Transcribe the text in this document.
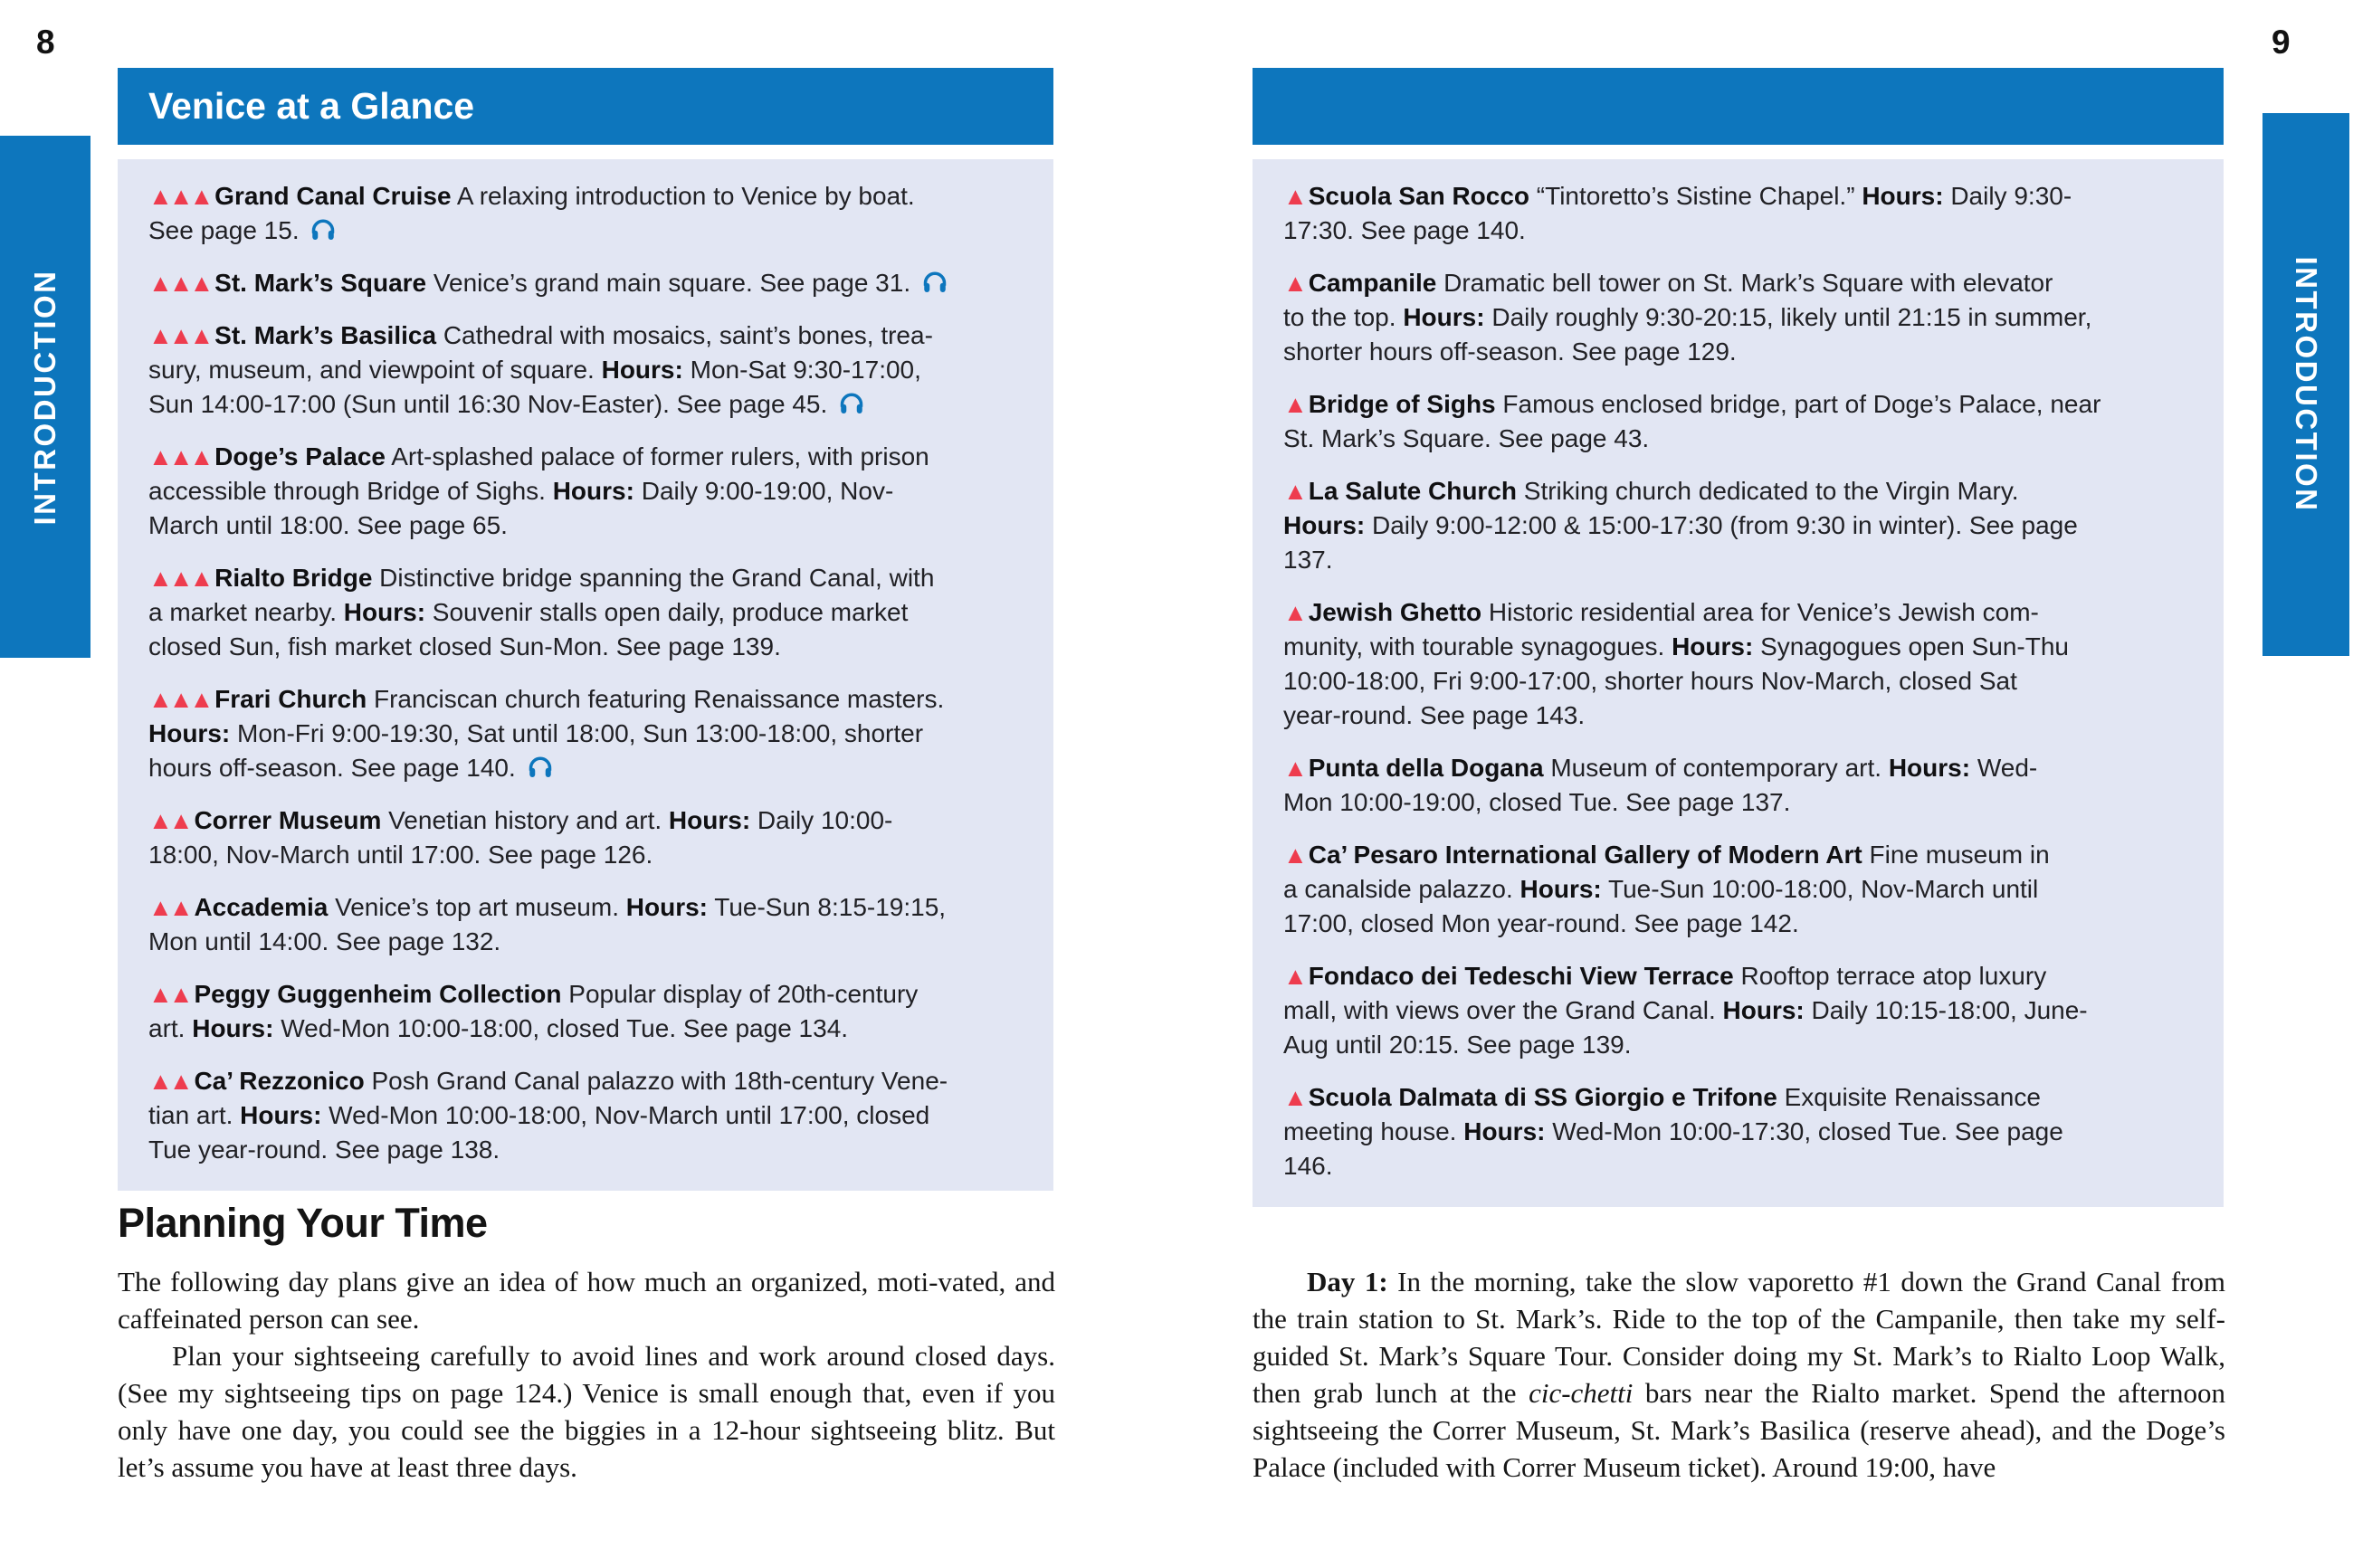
8	9
INTRODUCTION	INTRODUCTION
Venice at a Glance

▲▲▲ Grand Canal Cruise A relaxing introduction to Venice by boat.
See page 15.

▲▲▲ St. Mark’s Square Venice’s grand main square. See page 31.

▲▲▲ St. Mark’s Basilica Cathedral with mosaics, saint’s bones, trea-
sury, museum, and viewpoint of square. Hours: Mon-Sat 9:30-17:00,
Sun 14:00-17:00 (Sun until 16:30 Nov-Easter). See page 45.

▲▲▲ Doge’s Palace Art-splashed palace of former rulers, with prison
accessible through Bridge of Sighs. Hours: Daily 9:00-19:00, Nov-
March until 18:00. See page 65.

▲▲▲ Rialto Bridge Distinctive bridge spanning the Grand Canal, with
a market nearby. Hours: Souvenir stalls open daily, produce market
closed Sun, fish market closed Sun-Mon. See page 139.

▲▲▲ Frari Church Franciscan church featuring Renaissance masters.
Hours: Mon-Fri 9:00-19:30, Sat until 18:00, Sun 13:00-18:00, shorter
hours off-season. See page 140.

▲▲ Correr Museum Venetian history and art. Hours: Daily 10:00-
18:00, Nov-March until 17:00. See page 126.

▲▲ Accademia Venice’s top art museum. Hours: Tue-Sun 8:15-19:15,
Mon until 14:00. See page 132.

▲▲ Peggy Guggenheim Collection Popular display of 20th-century
art. Hours: Wed-Mon 10:00-18:00, closed Tue. See page 134.

▲▲ Ca’ Rezzonico Posh Grand Canal palazzo with 18th-century Vene-
tian art. Hours: Wed-Mon 10:00-18:00, Nov-March until 17:00, closed
Tue year-round. See page 138.

▲ Scuola San Rocco “Tintoretto’s Sistine Chapel.” Hours: Daily 9:30-
17:30. See page 140.

▲ Campanile Dramatic bell tower on St. Mark’s Square with elevator
to the top. Hours: Daily roughly 9:30-20:15, likely until 21:15 in summer,
shorter hours off-season. See page 129.

▲ Bridge of Sighs Famous enclosed bridge, part of Doge’s Palace, near
St. Mark’s Square. See page 43.

▲ La Salute Church Striking church dedicated to the Virgin Mary.
Hours: Daily 9:00-12:00 & 15:00-17:30 (from 9:30 in winter). See page
137.

▲ Jewish Ghetto Historic residential area for Venice’s Jewish com-
munity, with tourable synagogues. Hours: Synagogues open Sun-Thu
10:00-18:00, Fri 9:00-17:00, shorter hours Nov-March, closed Sat
year-round. See page 143.

▲ Punta della Dogana Museum of contemporary art. Hours: Wed-
Mon 10:00-19:00, closed Tue. See page 137.

▲ Ca’ Pesaro International Gallery of Modern Art Fine museum in
a canalside palazzo. Hours: Tue-Sun 10:00-18:00, Nov-March until
17:00, closed Mon year-round. See page 142.

▲ Fondaco dei Tedeschi View Terrace Rooftop terrace atop luxury
mall, with views over the Grand Canal. Hours: Daily 10:15-18:00, June-
Aug until 20:15. See page 139.

▲ Scuola Dalmata di SS Giorgio e Trifone Exquisite Renaissance
meeting house. Hours: Wed-Mon 10:00-17:30, closed Tue. See page
146.

Planning Your Time

The following day plans give an idea of how much an organized, moti-vated, and caffeinated person can see.

Plan your sightseeing carefully to avoid lines and work around closed days. (See my sightseeing tips on page 124.) Venice is small enough that, even if you only have one day, you could see the biggies in a 12-hour sightseeing blitz. But let’s assume you have at least three days.

Day 1: In the morning, take the slow vaporetto #1 down the Grand Canal from the train station to St. Mark’s. Ride to the top of the Campanile, then take my self-guided St. Mark’s Square Tour. Consider doing my St. Mark’s to Rialto Loop Walk, then grab lunch at the cic-chetti bars near the Rialto market. Spend the afternoon sightseeing the Correr Museum, St. Mark’s Basilica (reserve ahead), and the Doge’s Palace (included with Correr Museum ticket). Around 19:00, have
